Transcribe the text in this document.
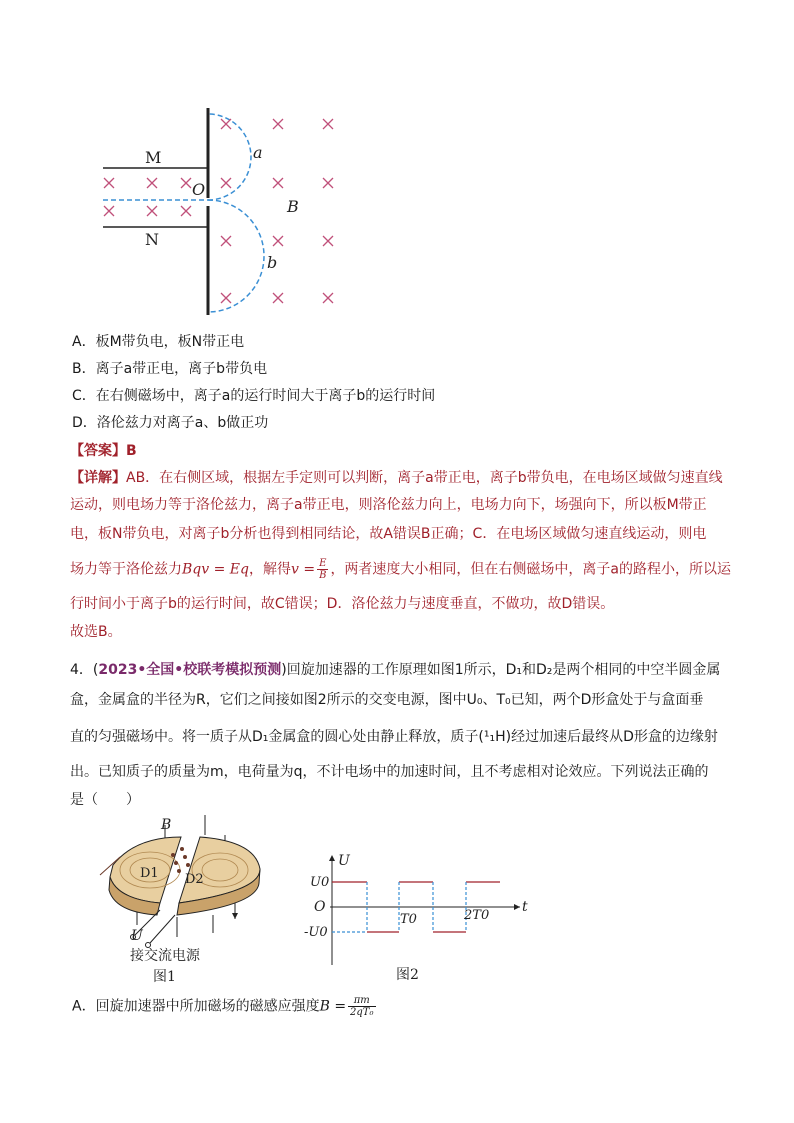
M
N
O
a
b
B
A．板M带负电，板N带正电
B．离子a带正电，离子b带负电
C．在右侧磁场中，离子a的运行时间大于离子b的运行时间
D．洛伦兹力对离子a、b做正功
【答案】B
【详解】AB．在右侧区域，根据左手定则可以判断，离子a带正电，离子b带负电，在电场区域做匀速直线
运动，则电场力等于洛伦兹力，离子a带正电，则洛伦兹力向上，电场力向下，场强向下，所以板M带正
电，板N带负电，对离子b分析也得到相同结论，故A错误B正确；C．在电场区域做匀速直线运动，则电
场力等于洛伦兹力Bqv = Eq，解得$v = \frac{E}{B}$ ，两者速度大小相同，但在右侧磁场中，离子a的路程小，所以运
行时间小于离子b的运行时间，故C错误；D．洛伦兹力与速度垂直，不做功，故D错误。
故选B。
4．(2023•全国•校联考模拟预测)回旋加速器的工作原理如图1所示，D₁和D₂是两个相同的中空半圆金属
盒，金属盒的半径为R，它们之间接如图2所示的交变电源，图中U₀、T₀已知，两个D形盒处于与盒面垂
直的匀强磁场中。将一质子从D₁金属盒的圆心处由静止释放，质子(¹₁H)经过加速后最终从D形盒的边缘射
出。已知质子的质量为m，电荷量为q，不计电场中的加速时间，且不考虑相对论效应。下列说法正确的
是（　　）
B
D1 D2
U
接交流电源
图1
U
t
U0
-U0
O
T0	2T0
图2
A．回旋加速器中所加磁场的磁感应强度$B = \frac{\pi m}{\text{2qT₀}}$
